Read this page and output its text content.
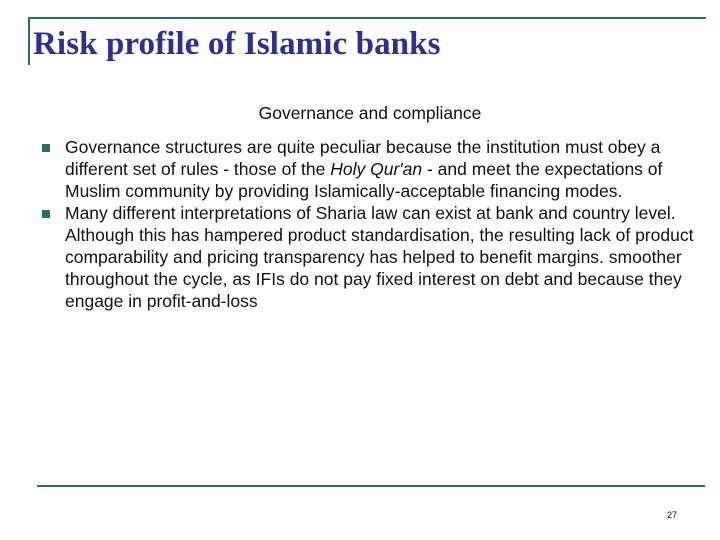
Risk profile of Islamic banks

Governance and compliance

Governance structures are quite peculiar because the institution must obey a different set of rules - those of the Holy Qur'an - and meet the expectations of Muslim community by providing Islamically-acceptable financing modes.
Many different interpretations of Sharia law can exist at bank and country level. Although this has hampered product standardisation, the resulting lack of product comparability and pricing transparency has helped to benefit margins. smoother throughout the cycle, as IFIs do not pay fixed interest on debt and because they engage in profit-and-loss
27
